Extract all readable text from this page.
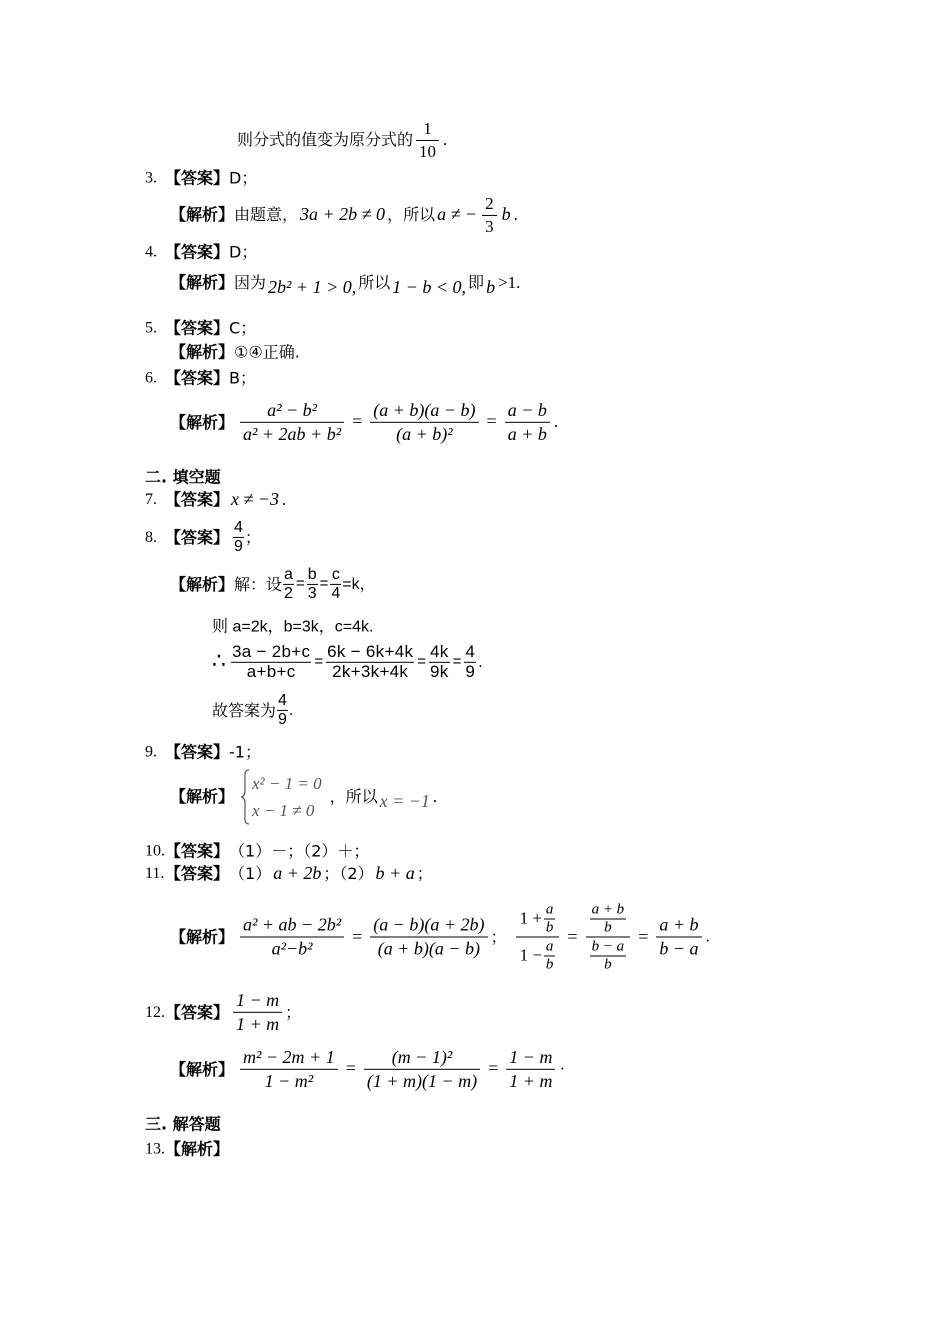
则分式的值变为原分式的 $\frac{1}{10}$ .
3. 【答案】 D；
【解析】 由题意， 3a + 2b ≠ 0 ，所以 a ≠ − $\frac{2}{3}$ b .
4. 【答案】 D；
【解析】 因为 2b² + 1 > 0, 所以 1 − b < 0, 即 b >1.
5. 【答案】 C；
【解析】 ①④正确.
6. 【答案】 B；
【解析】 $\frac{\text{a² − b²}}{\text{a² + 2ab + b²}} = \frac{(a + b)(a - b)}{\text{(a + b)²}} = \frac{a - b}{a + b}$ .
二. 填空题
7. 【答案】 x ≠ −3 .
8. 【答案】 $\frac{4}{9}$ ；
【解析】 解：设 $\frac{a}{2} = \frac{b}{3} = \frac{c}{4} =k$，
则 a=2k，b=3k，c=4k.
∴ $\frac{3a - 2b+c}{a+b+c} = \frac{6k - 6k+4k}{2k+3k+4k} = \frac{4k}{9k} = \frac{4}{9}$ .
故答案为 $\frac{4}{9}$ .
9. 【答案】 -1；
【解析】
x² − 1 = 0
x − 1 ≠ 0
，所以 x = −1 .
10. 【答案】 （1）－；（2）＋；
11. 【答案】 （1） a + 2b ；（2） b + a ；
【解析】 $\frac{\text{a² + ab − 2b²}}{\text{a²−b²}} = \frac{(a - b)(a + 2b)}{(a + b)(a - b)}$ ； $\frac{1 + \frac{a}{b}}{1 - \frac{a}{b}} = \frac{\frac{a + b}{b}}{\frac{b - a}{b}} = \frac{a + b}{b - a}$ .
12. 【答案】 $\frac{1 - m}{1 + m}$ ；
【解析】 $\frac{\text{m² − 2m + 1}}{\text{1 − m²}} = \frac{\text{(m − 1)²}}{(1 + m)(1 - m)} = \frac{1 - m}{1 + m}$ ·
三. 解答题
13. 【解析】
